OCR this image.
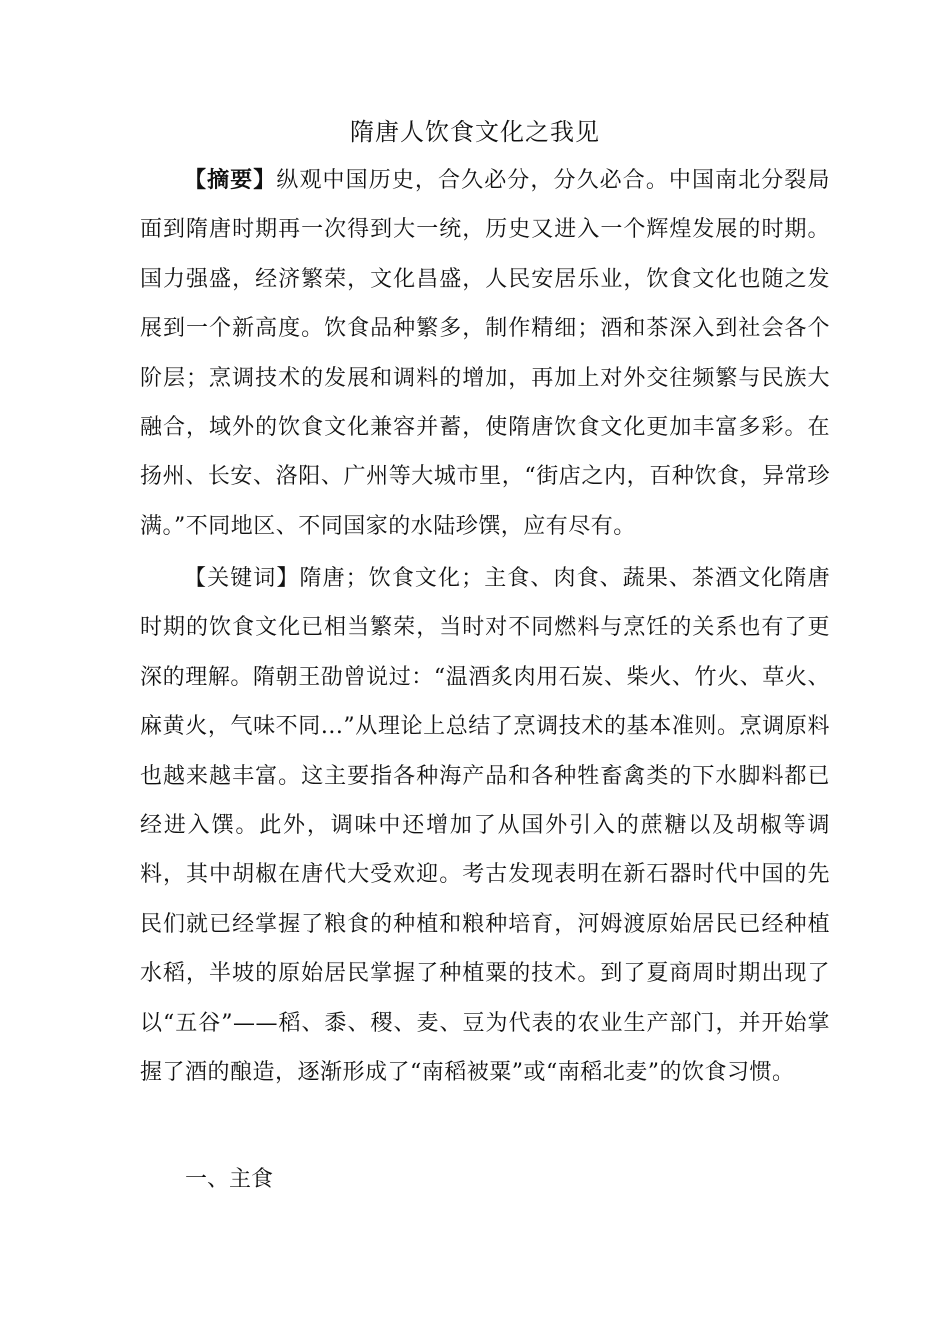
隋唐人饮食文化之我见
【摘要】纵观中国历史，合久必分，分久必合。中国南北分裂局面到隋唐时期再一次得到大一统，历史又进入一个辉煌发展的时期。国力强盛，经济繁荣，文化昌盛，人民安居乐业，饮食文化也随之发展到一个新高度。饮食品种繁多，制作精细；酒和茶深入到社会各个阶层；烹调技术的发展和调料的增加，再加上对外交往频繁与民族大融合，域外的饮食文化兼容并蓄，使隋唐饮食文化更加丰富多彩。在扬州、长安、洛阳、广州等大城市里，“街店之内，百种饮食，异常珍满。”不同地区、不同国家的水陆珍馔，应有尽有。
【关键词】隋唐；饮食文化；主食、肉食、蔬果、茶酒文化隋唐时期的饮食文化已相当繁荣，当时对不同燃料与烹饪的关系也有了更深的理解。隋朝王劭曾说过：“温酒炙肉用石炭、柴火、竹火、草火、麻黄火，气味不同...”从理论上总结了烹调技术的基本准则。烹调原料也越来越丰富。这主要指各种海产品和各种牲畜禽类的下水脚料都已经进入馔。此外，调味中还增加了从国外引入的蔗糖以及胡椒等调料，其中胡椒在唐代大受欢迎。考古发现表明在新石器时代中国的先民们就已经掌握了粮食的种植和粮种培育，河姆渡原始居民已经种植水稻，半坡的原始居民掌握了种植粟的技术。到了夏商周时期出现了以“五谷”——稻、黍、稷、麦、豆为代表的农业生产部门，并开始掌握了酒的酿造，逐渐形成了“南稻被粟”或“南稻北麦”的饮食习惯。
一、主食
